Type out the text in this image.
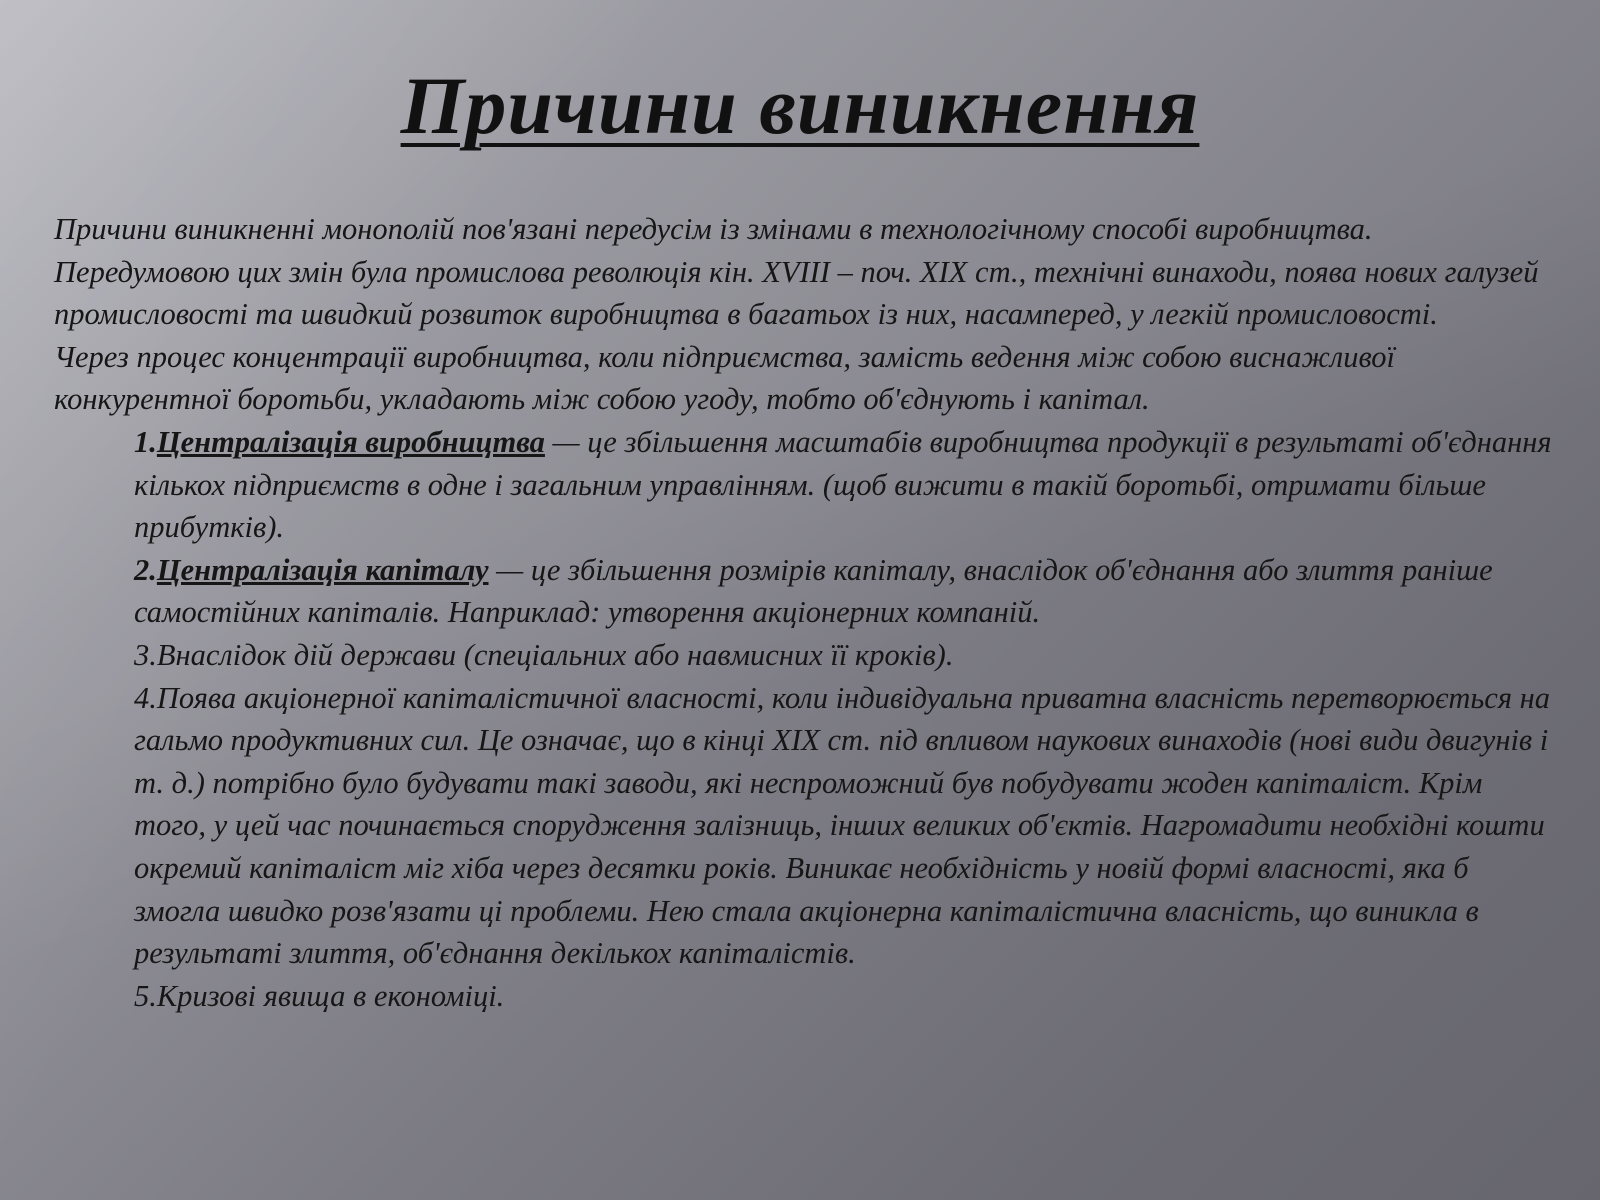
Причини виникнення

Причини виникненні монополій пов'язані передусім із змінами в технологічному способі виробництва. Передумовою цих змін була промислова революція кін. XVIII – поч. XIX ст., технічні винаходи, поява нових галузей промисловості та швидкий розвиток виробництва в багатьох із них, насамперед, у легкій промисловості.

Через процес концентрації виробництва, коли підприємства, замість ведення між собою виснажливої конкурентної боротьби, укладають між собою угоду, тобто об'єднують і капітал.

1.Централізація виробництва — це збільшення масштабів виробництва продукції в результаті об'єднання кількох підприємств в одне і загальним управлінням. (щоб вижити в такій боротьбі, отримати більше прибутків).

2.Централізація капіталу — це збільшення розмірів капіталу, внаслідок об'єднання або злиття раніше самостійних капіталів. Наприклад: утворення акціонерних компаній.

3.Внаслідок дій держави (спеціальних або навмисних її кроків).

4.Поява акціонерної капіталістичної власності, коли індивідуальна приватна власність перетворюється на гальмо продуктивних сил. Це означає, що в кінці XIX ст. під впливом наукових винаходів (нові види двигунів і т. д.) потрібно було будувати такі заводи, які неспроможний був побудувати жоден капіталіст. Крім того, у цей час починається спорудження залізниць, інших великих об'єктів. Нагромадити необхідні кошти окремий капіталіст міг хіба через десятки років. Виникає необхідність у новій формі власності, яка б змогла швидко розв'язати ці проблеми. Нею стала акціонерна капіталістична власність, що виникла в результаті злиття, об'єднання декількох капіталістів.

5.Кризові явища в економіці.
